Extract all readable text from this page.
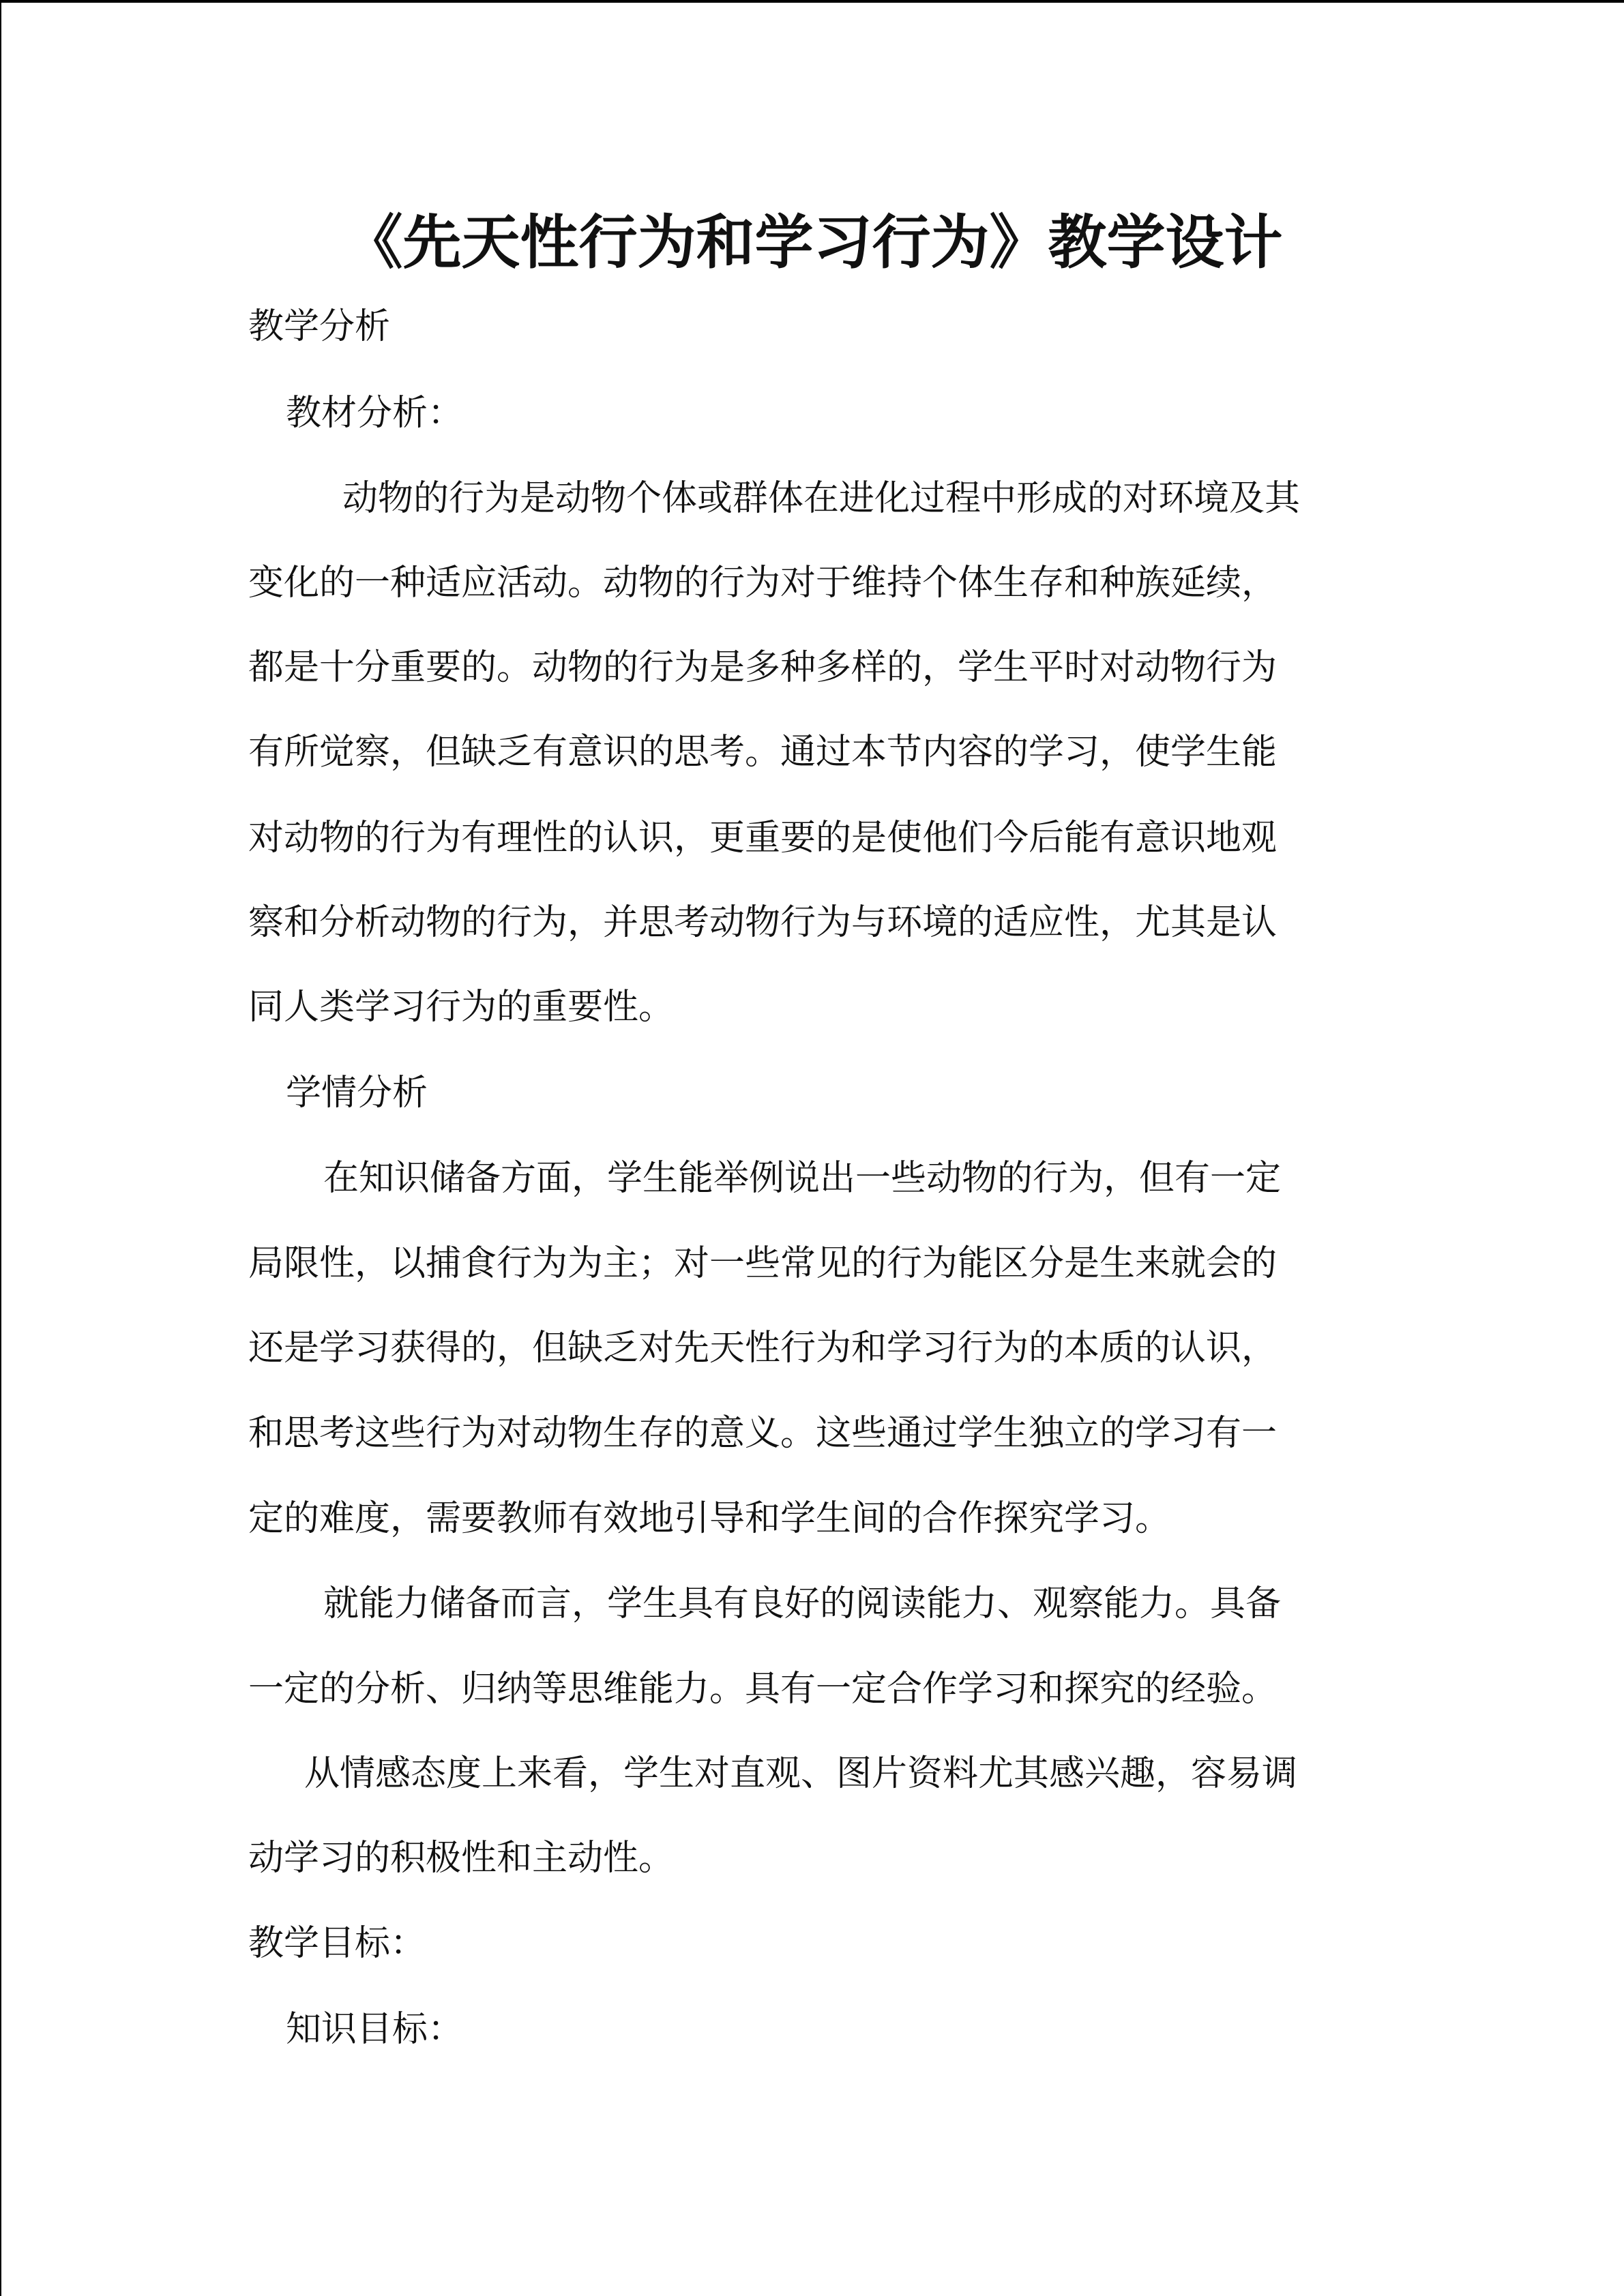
《先天性行为和学习行为》教学设计
教学分析
教材分析：
动物的行为是动物个体或群体在进化过程中形成的对环境及其
变化的一种适应活动。动物的行为对于维持个体生存和种族延续，
都是十分重要的。动物的行为是多种多样的，学生平时对动物行为
有所觉察，但缺乏有意识的思考。通过本节内容的学习，使学生能
对动物的行为有理性的认识，更重要的是使他们今后能有意识地观
察和分析动物的行为，并思考动物行为与环境的适应性，尤其是认
同人类学习行为的重要性。
学情分析
在知识储备方面，学生能举例说出一些动物的行为，但有一定
局限性，以捕食行为为主；对一些常见的行为能区分是生来就会的
还是学习获得的，但缺乏对先天性行为和学习行为的本质的认识，
和思考这些行为对动物生存的意义。这些通过学生独立的学习有一
定的难度，需要教师有效地引导和学生间的合作探究学习。
就能力储备而言，学生具有良好的阅读能力、观察能力。具备
一定的分析、归纳等思维能力。具有一定合作学习和探究的经验。
从情感态度上来看，学生对直观、图片资料尤其感兴趣，容易调
动学习的积极性和主动性。
教学目标：
知识目标：
